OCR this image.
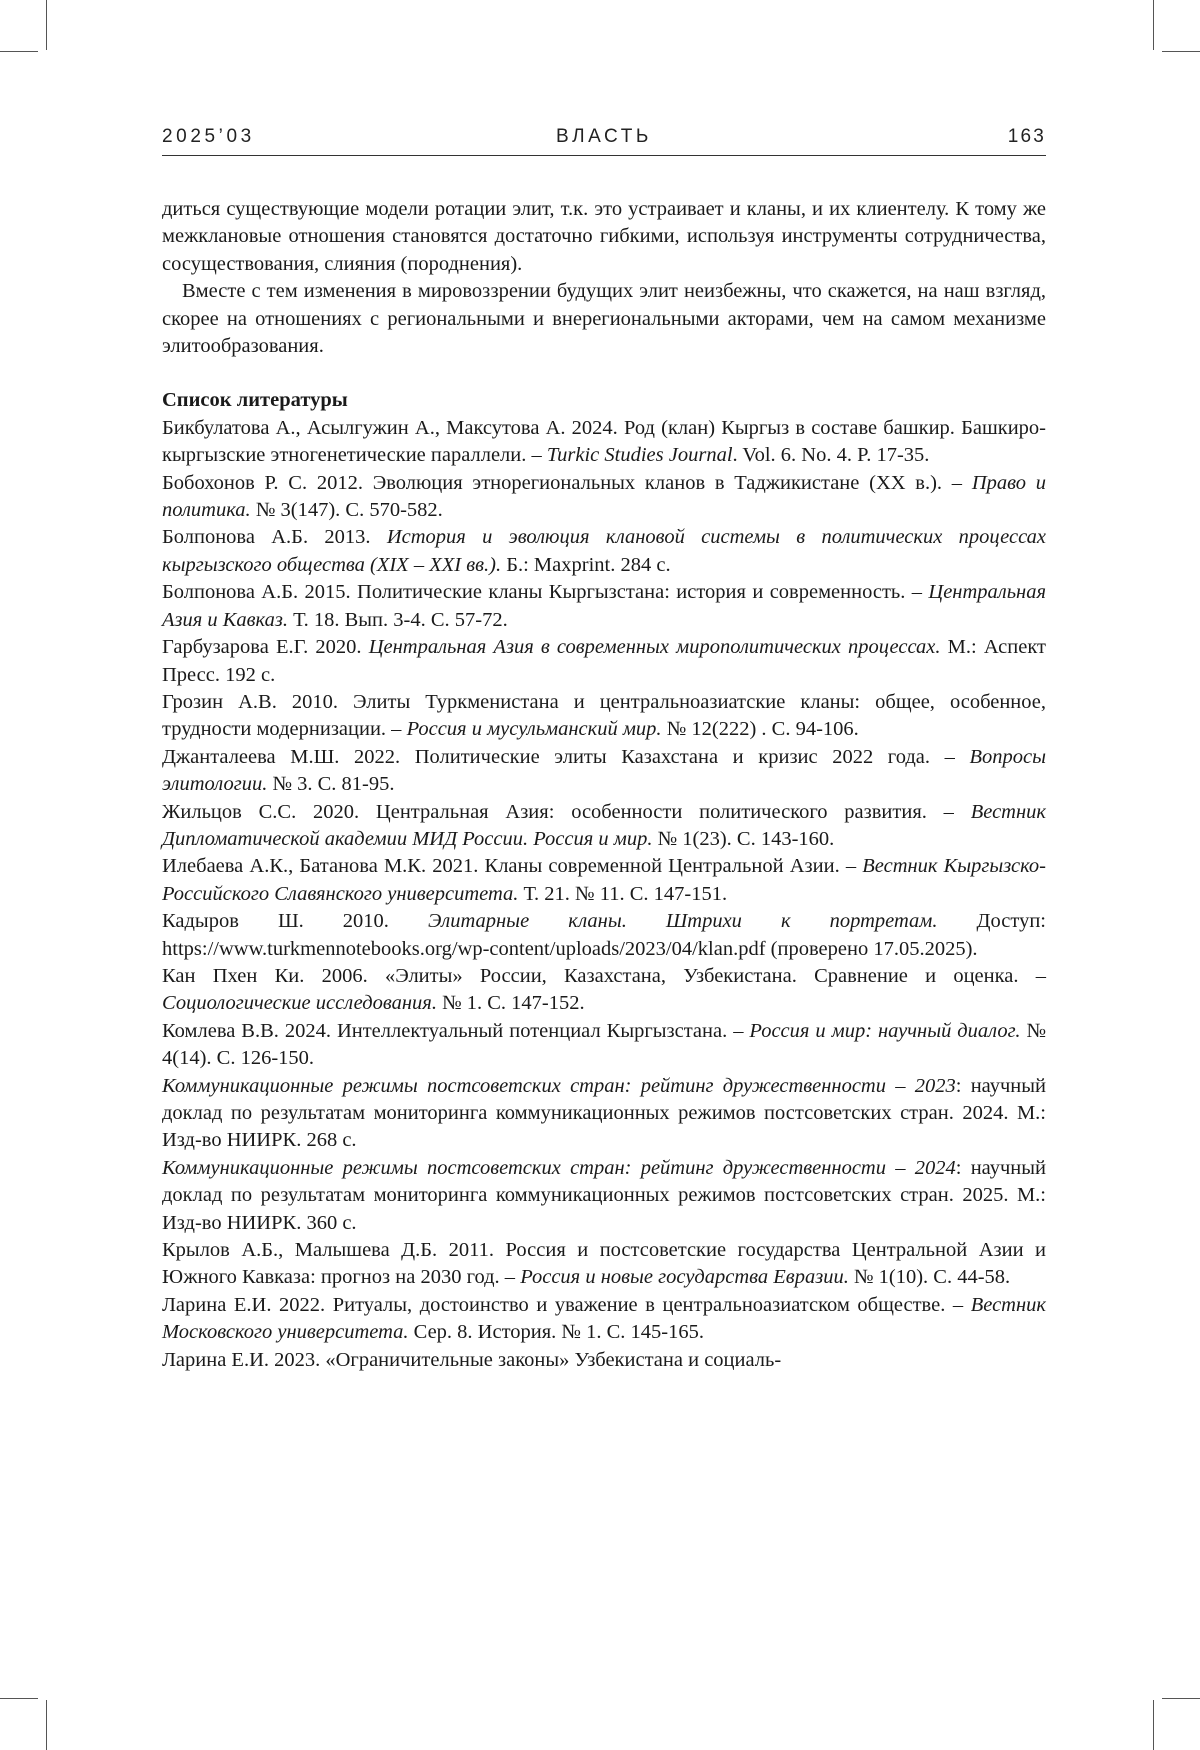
2025’03	ВЛАСТЬ	163

диться существующие модели ротации элит, т.к. это устраивает и кланы, и их клиентелу. К тому же межклановые отношения становятся достаточно гибкими, используя инструменты сотрудничества, сосуществования, слияния (породнения).

Вместе с тем изменения в мировоззрении будущих элит неизбежны, что скажется, на наш взгляд, скорее на отношениях с региональными и внерегиональными акторами, чем на самом механизме элитообразования.

Список литературы

Бикбулатова А., Асылгужин А., Максутова А. 2024. Род (клан) Кыргыз в составе башкир. Башкиро-кыргызские этногенетические параллели. – Turkic Studies Journal. Vol. 6. No. 4. P. 17-35.

Бобохонов Р. С. 2012. Эволюция этнорегиональных кланов в Таджикистане (XX в.). – Право и политика. № 3(147). С. 570-582.

Болпонова А.Б. 2013. История и эволюция клановой системы в политических процессах кыргызского общества (XIX – XXI вв.). Б.: Maxprint. 284 с.

Болпонова А.Б. 2015. Политические кланы Кыргызстана: история и современность. – Центральная Азия и Кавказ. Т. 18. Вып. 3-4. С. 57-72.

Гарбузарова Е.Г. 2020. Центральная Азия в современных мирополитических процессах. М.: Аспект Пресс. 192 с.

Грозин А.В. 2010. Элиты Туркменистана и центральноазиатские кланы: общее, особенное, трудности модернизации. – Россия и мусульманский мир. № 12(222) . С. 94-106.

Джанталеева М.Ш. 2022. Политические элиты Казахстана и кризис 2022 года. – Вопросы элитологии. № 3. С. 81-95.

Жильцов С.С. 2020. Центральная Азия: особенности политического развития. – Вестник Дипломатической академии МИД России. Россия и мир. № 1(23). С. 143-160.

Илебаева А.К., Батанова М.К. 2021. Кланы современной Центральной Азии. – Вестник Кыргызско-Российского Славянского университета. Т. 21. № 11. С. 147-151.

Кадыров Ш. 2010. Элитарные кланы. Штрихи к портретам. Доступ: https://www.turkmennotebooks.org/wp-content/uploads/2023/04/klan.pdf (проверено 17.05.2025).

Кан Пхен Ки. 2006. «Элиты» России, Казахстана, Узбекистана. Сравнение и оценка. – Социологические исследования. № 1. С. 147-152.

Комлева В.В. 2024. Интеллектуальный потенциал Кыргызстана. – Россия и мир: научный диалог. № 4(14). С. 126-150.

Коммуникационные режимы постсоветских стран: рейтинг дружественности – 2023: научный доклад по результатам мониторинга коммуникационных режимов постсоветских стран. 2024. М.: Изд-во НИИРК. 268 с.

Коммуникационные режимы постсоветских стран: рейтинг дружественности – 2024: научный доклад по результатам мониторинга коммуникационных режимов постсоветских стран. 2025. М.: Изд-во НИИРК. 360 с.

Крылов А.Б., Малышева Д.Б. 2011. Россия и постсоветские государства Центральной Азии и Южного Кавказа: прогноз на 2030 год. – Россия и новые государства Евразии. № 1(10). С. 44-58.

Ларина Е.И. 2022. Ритуалы, достоинство и уважение в центральноазиатском обществе. – Вестник Московского университета. Сер. 8. История. № 1. С. 145-165.

Ларина Е.И. 2023. «Ограничительные законы» Узбекистана и социаль-
